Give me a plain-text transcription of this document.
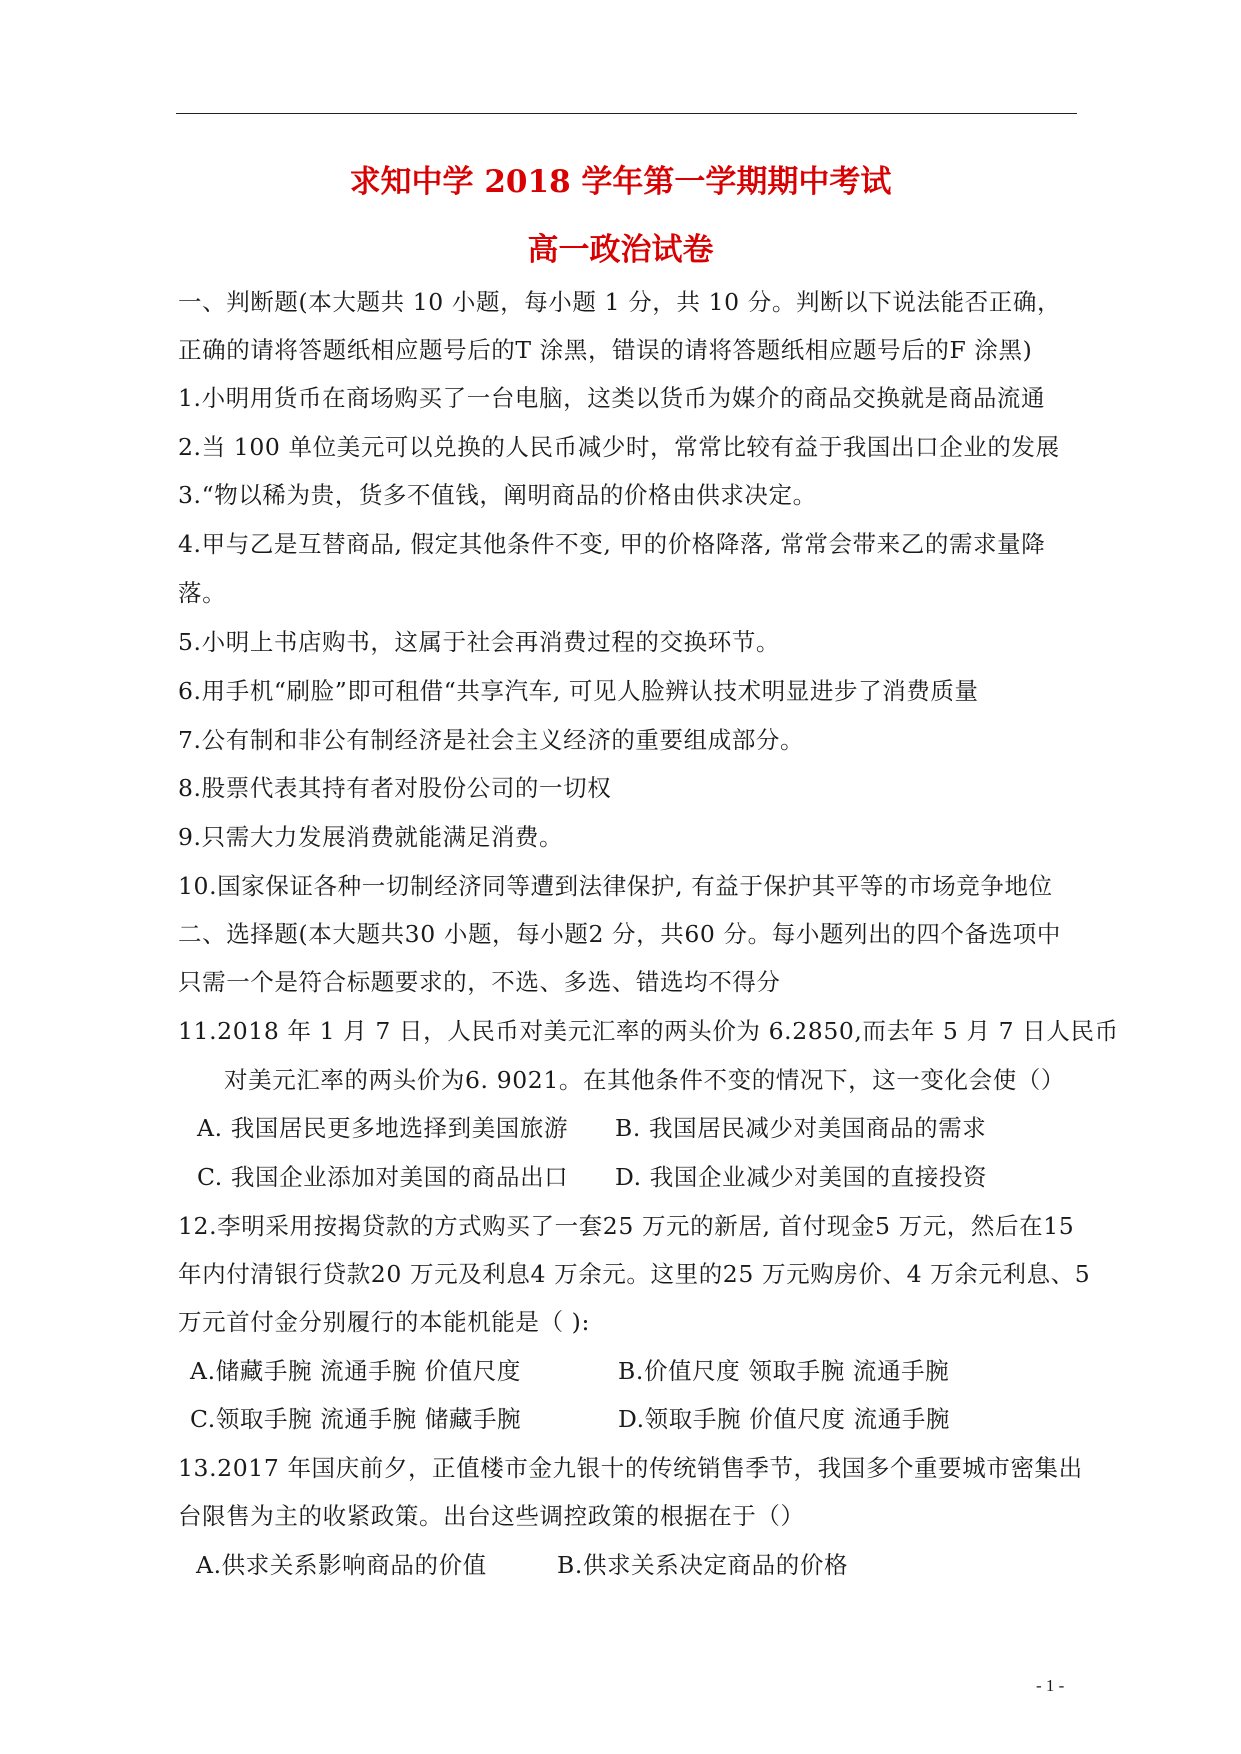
求知中学 2018 学年第一学期期中考试
高一政治试卷
一、判断题(本大题共 10 小题，每小题 1 分，共 10 分。判断以下说法能否正确，
正确的请将答题纸相应题号后的T 涂黑，错误的请将答题纸相应题号后的F 涂黑)
1.小明用货币在商场购买了一台电脑，这类以货币为媒介的商品交换就是商品流通
2.当 100 单位美元可以兑换的人民币减少时，常常比较有益于我国出口企业的发展
3.“物以稀为贵，货多不值钱，阐明商品的价格由供求决定。
4.甲与乙是互替商品, 假定其他条件不变, 甲的价格降落, 常常会带来乙的需求量降
落。
5.小明上书店购书，这属于社会再消费过程的交换环节。
6.用手机“刷脸”即可租借“共享汽车, 可见人脸辨认技术明显进步了消费质量
7.公有制和非公有制经济是社会主义经济的重要组成部分。
8.股票代表其持有者对股份公司的一切权
9.只需大力发展消费就能满足消费。
10.国家保证各种一切制经济同等遭到法律保护, 有益于保护其平等的市场竞争地位
二、选择题(本大题共30 小题，每小题2 分，共60 分。每小题列出的四个备选项中
只需一个是符合标题要求的，不选、多选、错选均不得分
11.2018 年 1 月 7 日，人民币对美元汇率的两头价为 6.2850,而去年 5 月 7 日人民币
对美元汇率的两头价为6. 9021。在其他条件不变的情况下，这一变化会使（）
A. 我国居民更多地选择到美国旅游 B. 我国居民减少对美国商品的需求
C. 我国企业添加对美国的商品出口 D. 我国企业减少对美国的直接投资
12.李明采用按揭贷款的方式购买了一套25 万元的新居, 首付现金5 万元，然后在15
年内付清银行贷款20 万元及利息4 万余元。这里的25 万元购房价、4 万余元利息、5
万元首付金分别履行的本能机能是（ ):
A.储藏手腕 流通手腕 价值尺度	B.价值尺度 领取手腕 流通手腕
C.领取手腕 流通手腕 储藏手腕	D.领取手腕 价值尺度 流通手腕
13.2017 年国庆前夕，正值楼市金九银十的传统销售季节，我国多个重要城市密集出
台限售为主的收紧政策。出台这些调控政策的根据在于（）
A.供求关系影响商品的价值	B.供求关系决定商品的价格
- 1 -
